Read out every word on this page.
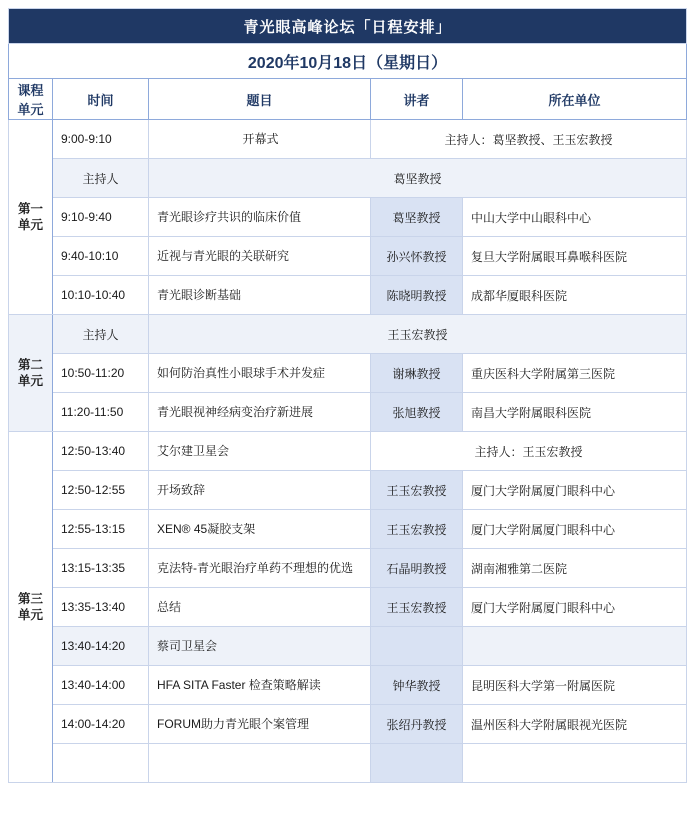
青光眼高峰论坛「日程安排」				
2020年10月18日（星期日）				

课程
单元	时间	题目	讲者	所在单位

第一
单元	9:00-9:10	开幕式	主持人：葛坚教授、王玉宏教授	
	主持人	葛坚教授		
	9:10-9:40	青光眼诊疗共识的临床价值	葛坚教授	中山大学中山眼科中心
	9:40-10:10	近视与青光眼的关联研究	孙兴怀教授	复旦大学附属眼耳鼻喉科医院
	10:10-10:40	青光眼诊断基础	陈晓明教授	成都华厦眼科医院

第二
单元	主持人	王玉宏教授		
	10:50-11:20	如何防治真性小眼球手术并发症	谢琳教授	重庆医科大学附属第三医院
	11:20-11:50	青光眼视神经病变治疗新进展	张旭教授	南昌大学附属眼科医院

第三
单元	12:50-13:40	艾尔建卫星会	主持人：王玉宏教授	
	12:50-12:55	开场致辞	王玉宏教授	厦门大学附属厦门眼科中心
	12:55-13:15	XEN® 45凝胶支架	王玉宏教授	厦门大学附属厦门眼科中心
	13:15-13:35	克法特-青光眼治疗单药不理想的优选	石晶明教授	湖南湘雅第二医院
	13:35-13:40	总结	王玉宏教授	厦门大学附属厦门眼科中心
	13:40-14:20	蔡司卫星会		
	13:40-14:00	HFA SITA Faster 检查策略解读	钟华教授	昆明医科大学第一附属医院
	14:00-14:20	FORUM助力青光眼个案管理	张绍丹教授	温州医科大学附属眼视光医院
